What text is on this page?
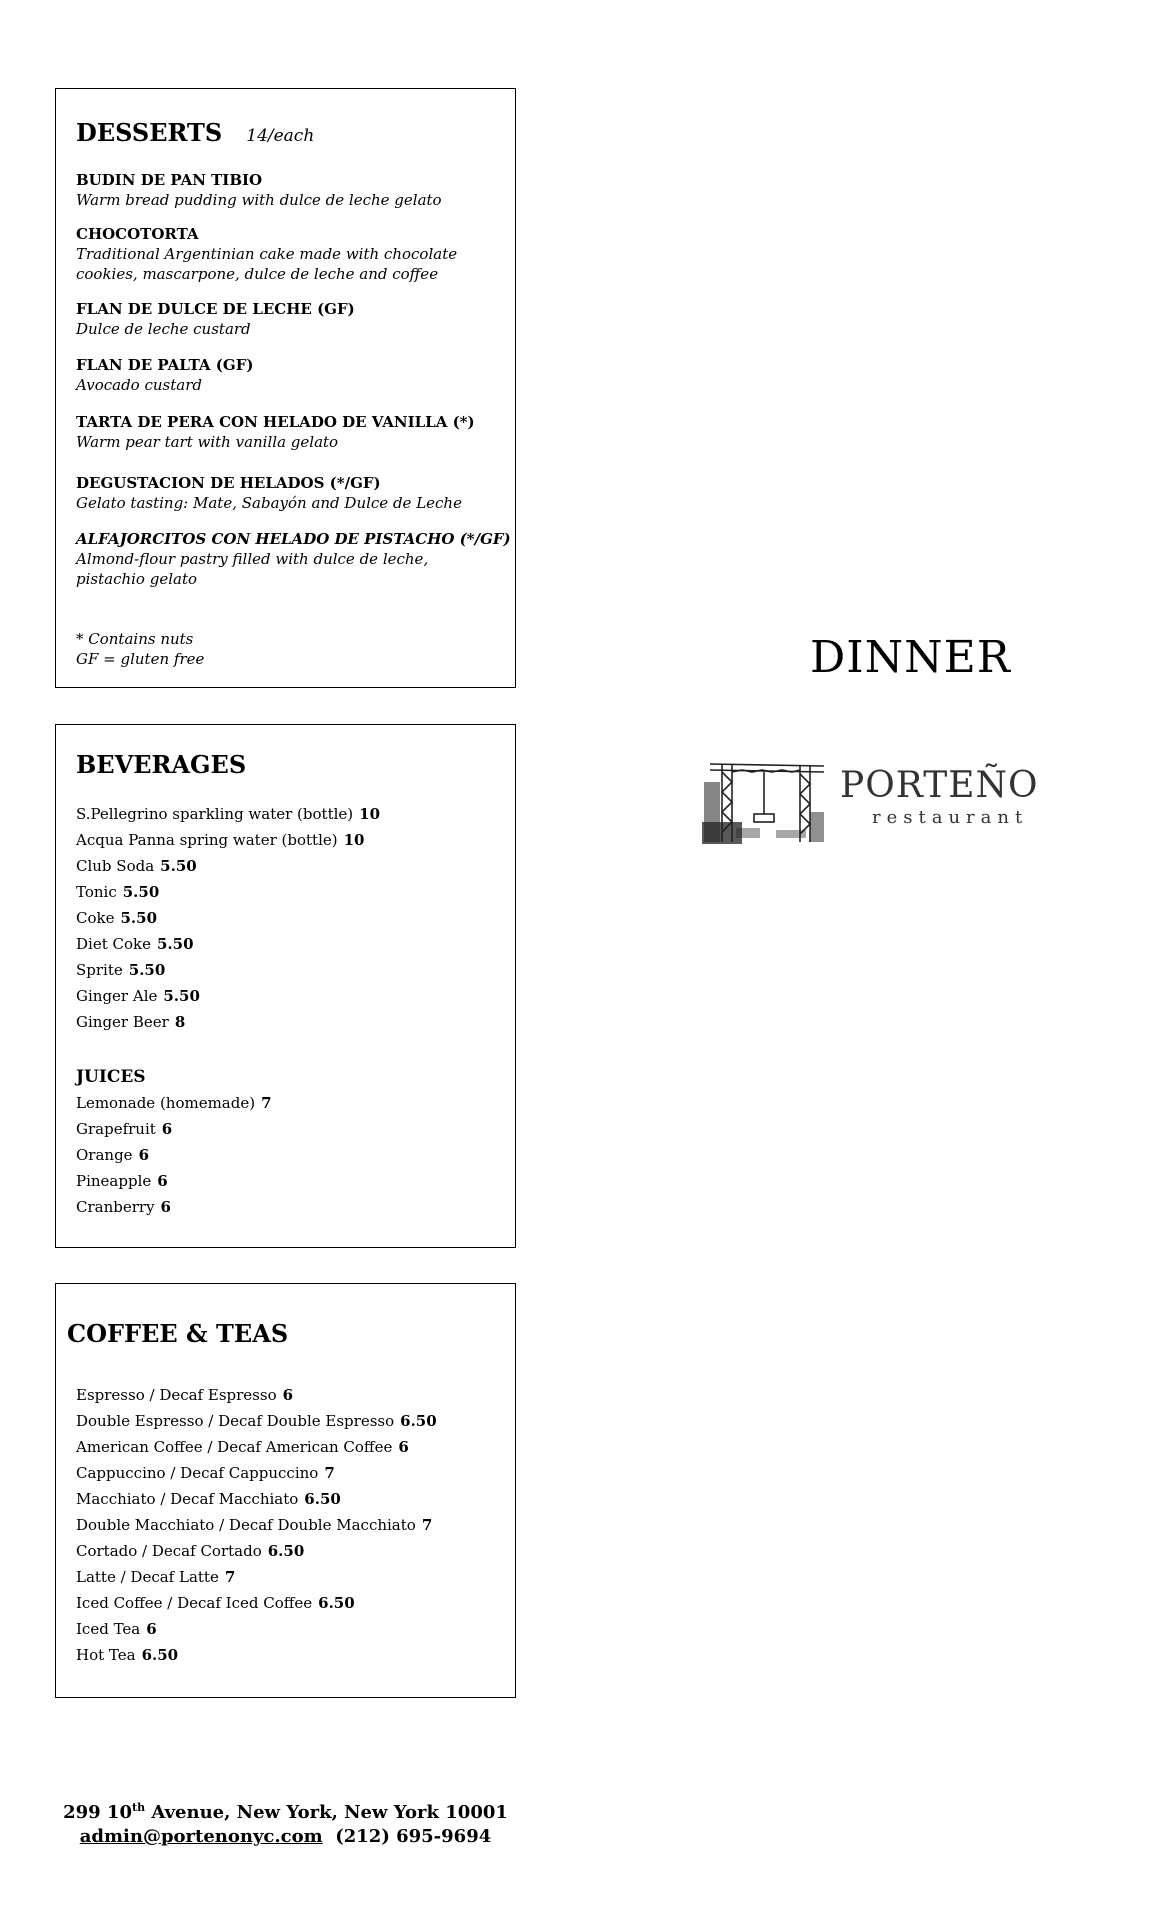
DESSERTS 14/each
BUDIN DE PAN TIBIO
Warm bread pudding with dulce de leche gelato
CHOCOTORTA
Traditional Argentinian cake made with chocolate cookies, mascarpone, dulce de leche and coffee
FLAN DE DULCE DE LECHE (GF)
Dulce de leche custard
FLAN DE PALTA (GF)
Avocado custard
TARTA DE PERA CON HELADO DE VANILLA (*)
Warm pear tart with vanilla gelato
DEGUSTACION DE HELADOS (*/GF)
Gelato tasting: Mate, Sabayón and Dulce de Leche
ALFAJORCITOS CON HELADO DE PISTACHO (*/GF)
Almond-flour pastry filled with dulce de leche, pistachio gelato
* Contains nuts
GF = gluten free
BEVERAGES
S.Pellegrino sparkling water (bottle) 10
Acqua Panna spring water (bottle) 10
Club Soda 5.50
Tonic 5.50
Coke 5.50
Diet Coke 5.50
Sprite 5.50
Ginger Ale 5.50
Ginger Beer 8
JUICES
Lemonade (homemade) 7
Grapefruit 6
Orange 6
Pineapple 6
Cranberry 6
COFFEE & TEAS
Espresso / Decaf Espresso 6
Double Espresso / Decaf Double Espresso 6.50
American Coffee / Decaf American Coffee 6
Cappuccino / Decaf Cappuccino 7
Macchiato / Decaf Macchiato 6.50
Double Macchiato / Decaf Double Macchiato 7
Cortado / Decaf Cortado 6.50
Latte / Decaf Latte 7
Iced Coffee / Decaf Iced Coffee 6.50
Iced Tea 6
Hot Tea 6.50
DINNER
PORTEÑO
restaurant
299 10th Avenue, New York, New York 10001
admin@portenonyc.com (212) 695-9694
